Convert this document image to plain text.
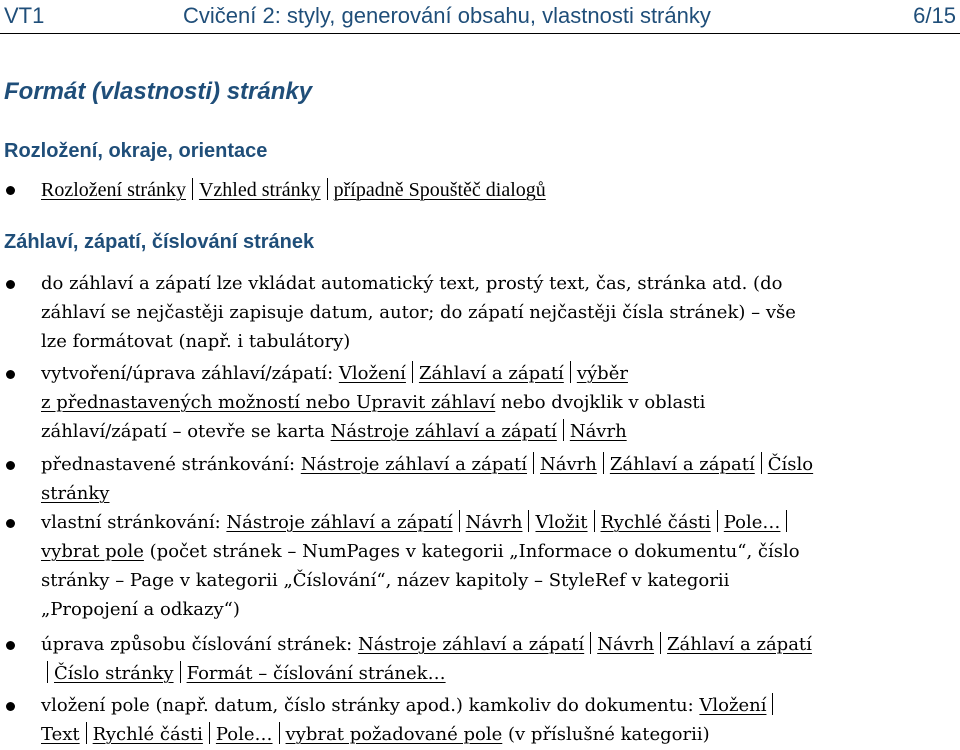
VT1	Cvičení 2: styly, generování obsahu, vlastnosti stránky	6/15
Formát (vlastnosti) stránky
Rozložení, okraje, orientace
Rozložení stránky Vzhled stránky případně Spouštěč dialogů
Záhlaví, zápatí, číslování stránek
do záhlaví a zápatí lze vkládat automatický text, prostý text, čas, stránka atd. (do
záhlaví se nejčastěji zapisuje datum, autor; do zápatí nejčastěji čísla stránek) – vše
lze formátovat (např. i tabulátory)
vytvoření/úprava záhlaví/zápatí: Vložení Záhlaví a zápatí výběr
z přednastavených možností nebo Upravit záhlaví nebo dvojklik v oblasti
záhlaví/zápatí – otevře se karta Nástroje záhlaví a zápatí Návrh
přednastavené stránkování: Nástroje záhlaví a zápatí Návrh Záhlaví a zápatí Číslo
stránky
vlastní stránkování: Nástroje záhlaví a zápatí Návrh Vložit Rychlé části Pole…
vybrat pole (počet stránek – NumPages v kategorii „Informace o dokumentu“, číslo
stránky – Page v kategorii „Číslování“, název kapitoly – StyleRef v kategorii
„Propojení a odkazy“)
úprava způsobu číslování stránek: Nástroje záhlaví a zápatí Návrh Záhlaví a zápatí
Číslo stránky Formát – číslování stránek…
vložení pole (např. datum, číslo stránky apod.) kamkoliv do dokumentu: Vložení
Text Rychlé části Pole… vybrat požadované pole (v příslušné kategorii)
